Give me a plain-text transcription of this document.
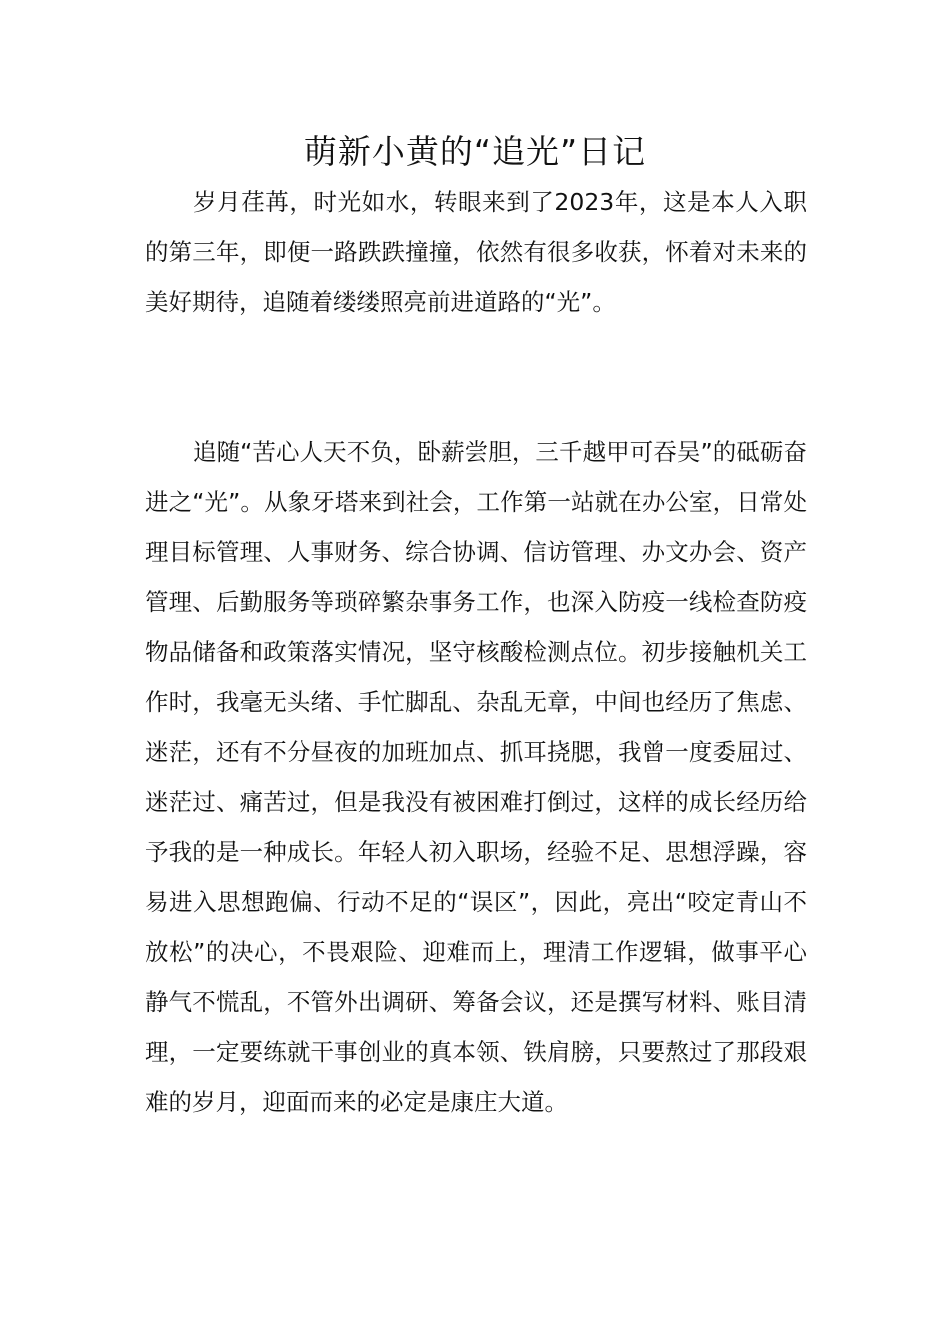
萌新小黄的“追光”日记

岁月荏苒，时光如水，转眼来到了2023年，这是本人入职的第三年，即便一路跌跌撞撞，依然有很多收获，怀着对未来的美好期待，追随着缕缕照亮前进道路的“光”。

追随“苦心人天不负，卧薪尝胆，三千越甲可吞吴”的砥砺奋进之“光”。从象牙塔来到社会，工作第一站就在办公室，日常处理目标管理、人事财务、综合协调、信访管理、办文办会、资产管理、后勤服务等琐碎繁杂事务工作，也深入防疫一线检查防疫物品储备和政策落实情况，坚守核酸检测点位。初步接触机关工作时，我毫无头绪、手忙脚乱、杂乱无章，中间也经历了焦虑、迷茫，还有不分昼夜的加班加点、抓耳挠腮，我曾一度委屈过、迷茫过、痛苦过，但是我没有被困难打倒过，这样的成长经历给予我的是一种成长。年轻人初入职场，经验不足、思想浮躁，容易进入思想跑偏、行动不足的“误区”，因此，亮出“咬定青山不放松”的决心，不畏艰险、迎难而上，理清工作逻辑，做事平心静气不慌乱，不管外出调研、筹备会议，还是撰写材料、账目清理，一定要练就干事创业的真本领、铁肩膀，只要熬过了那段艰难的岁月，迎面而来的必定是康庄大道。
